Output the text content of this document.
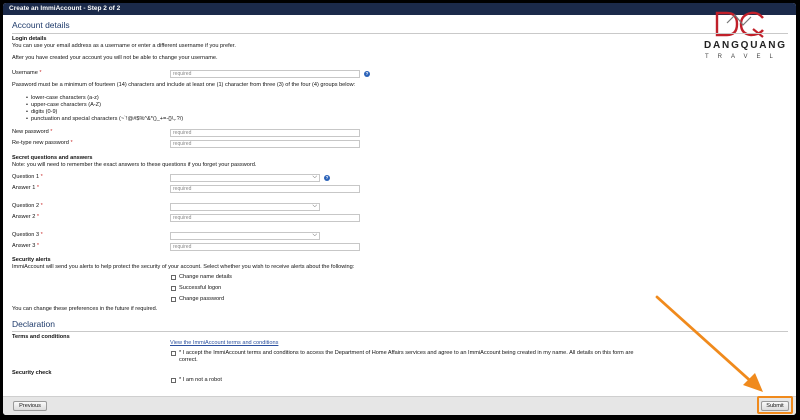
Create an ImmiAccount - Step 2 of 2
DANGQUANG
TRAVEL
Account details
Login details
You can use your email address as a username or enter a different username if you prefer.
After you have created your account you will not be able to change your username.
Username *	required	?
Password must be a minimum of fourteen (14) characters and include at least one (1) character from three (3) of the four (4) groups below:
• lower-case characters (a-z)
• upper-case characters (A-Z)
• digits (0-9)
• punctuation and special characters (~`!@#$%^&*()_+=-{}\,.?/)
New password *	required
Re-type new password *	required
Secret questions and answers
Note: you will need to remember the exact answers to these questions if you forget your password.
Question 1 *	⌵	?
Answer 1 *	required
Question 2 *	⌵
Answer 2 *	required
Question 3 *	⌵
Answer 3 *	required
Security alerts
ImmiAccount will send you alerts to help protect the security of your account. Select whether you wish to receive alerts about the following:
Change name details
Successful logon
Change password
You can change these preferences in the future if required.
Declaration
Terms and conditions
View the ImmiAccount terms and conditions
* I accept the ImmiAccount terms and conditions to access the Department of Home Affairs services and agree to an ImmiAccount being created in my name. All details on this form are
correct.
Security check
* I am not a robot
Previous	Submit
